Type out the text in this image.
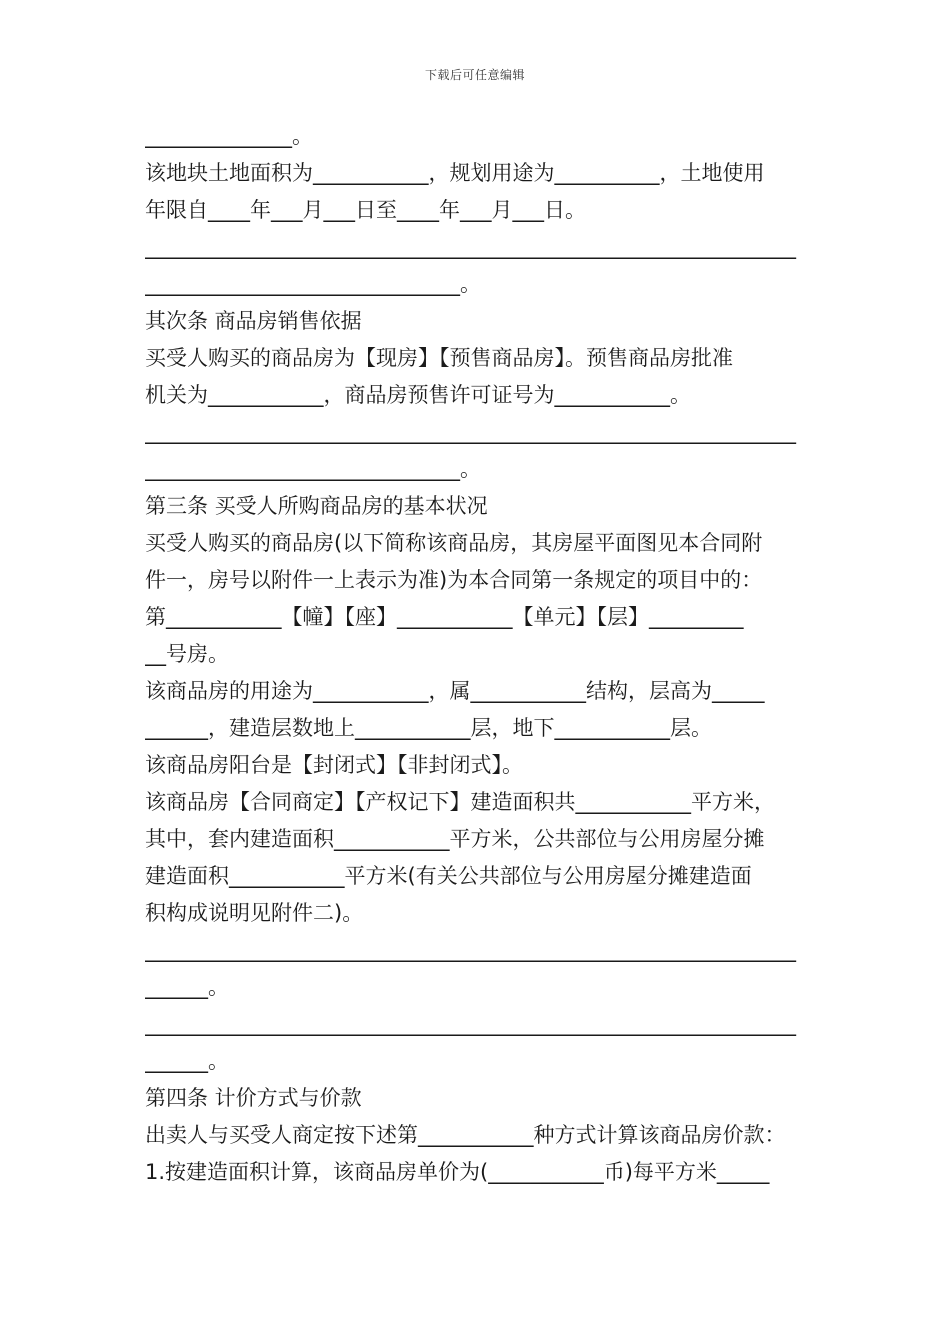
下载后可任意编辑
______________。
该地块土地面积为___________，规划用途为__________，土地使用
年限自____年___月___日至____年___月___日。
______________________________________________________________
______________________________。
其次条 商品房销售依据
买受人购买的商品房为【现房】【预售商品房】。预售商品房批准
机关为___________，商品房预售许可证号为___________。
______________________________________________________________
______________________________。
第三条 买受人所购商品房的基本状况
买受人购买的商品房(以下简称该商品房，其房屋平面图见本合同附
件一，房号以附件一上表示为准)为本合同第一条规定的项目中的：
第___________【幢】【座】___________【单元】【层】_________
__号房。
该商品房的用途为___________，属___________结构，层高为_____
______，建造层数地上___________层，地下___________层。
该商品房阳台是【封闭式】【非封闭式】。
该商品房【合同商定】【产权记下】建造面积共___________平方米，
其中，套内建造面积___________平方米，公共部位与公用房屋分摊
建造面积___________平方米(有关公共部位与公用房屋分摊建造面
积构成说明见附件二)。
______________________________________________________________
______。
______________________________________________________________
______。
第四条 计价方式与价款
出卖人与买受人商定按下述第___________种方式计算该商品房价款：
1.按建造面积计算，该商品房单价为(___________币)每平方米_____
